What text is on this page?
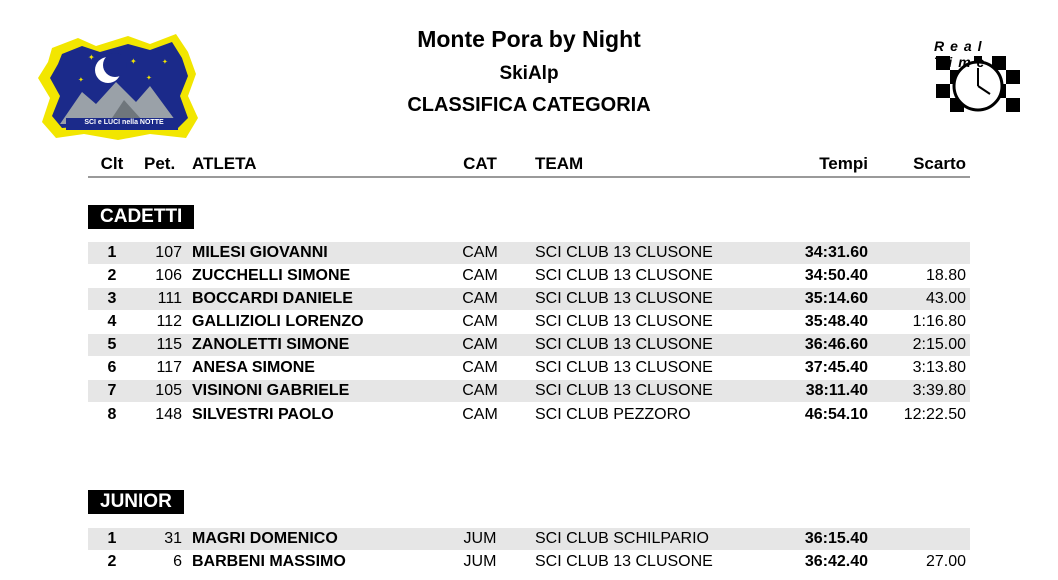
✦	✦
✦
✦
✦
SCI e LUCI nella NOTTE
Real Time
Monte Pora by Night
SkiAlp
CLASSIFICA CATEGORIA
Clt	Pet. ATLETA	CAT	TEAM	Tempi	Scarto
CADETTI
1	107 MILESI GIOVANNI	CAM	SCI CLUB 13 CLUSONE	34:31.60
2	106 ZUCCHELLI SIMONE	CAM	SCI CLUB 13 CLUSONE	34:50.40	18.80
3	111 BOCCARDI DANIELE	CAM	SCI CLUB 13 CLUSONE	35:14.60	43.00
4	112 GALLIZIOLI LORENZO	CAM	SCI CLUB 13 CLUSONE	35:48.40	1:16.80
5	115 ZANOLETTI SIMONE	CAM	SCI CLUB 13 CLUSONE	36:46.60	2:15.00
6	117 ANESA SIMONE	CAM	SCI CLUB 13 CLUSONE	37:45.40	3:13.80
7	105 VISINONI GABRIELE	CAM	SCI CLUB 13 CLUSONE	38:11.40	3:39.80
8	148 SILVESTRI PAOLO	CAM	SCI CLUB PEZZORO	46:54.10	12:22.50
JUNIOR
1	31 MAGRI DOMENICO	JUM	SCI CLUB SCHILPARIO	36:15.40
2	6 BARBENI MASSIMO	JUM	SCI CLUB 13 CLUSONE	36:42.40	27.00
